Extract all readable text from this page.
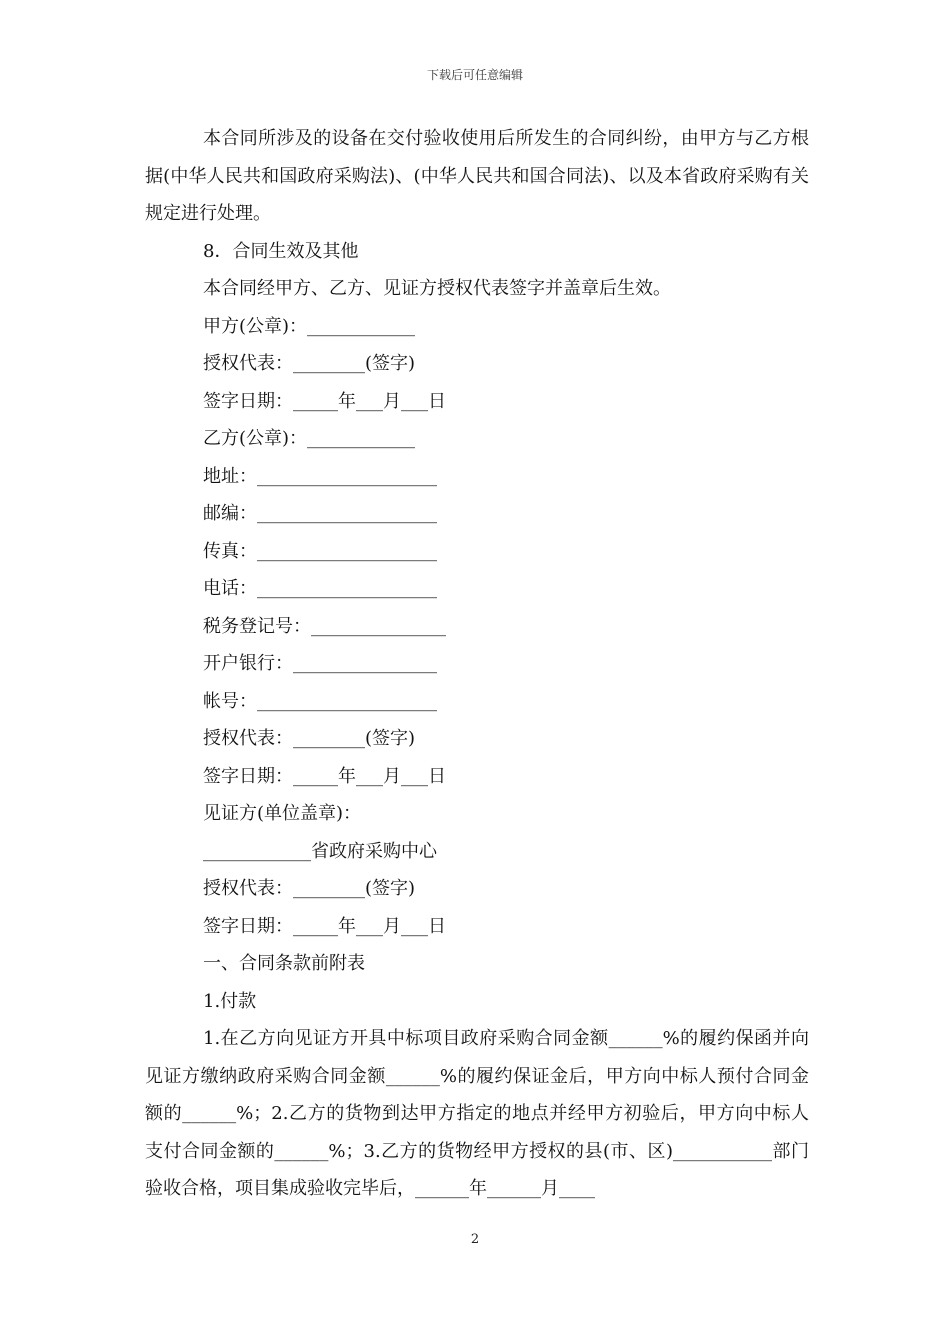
下载后可任意编辑

本合同所涉及的设备在交付验收使用后所发生的合同纠纷，由甲方与乙方根据(中华人民共和国政府采购法)、(中华人民共和国合同法)、以及本省政府采购有关规定进行处理。

8．合同生效及其他

本合同经甲方、乙方、见证方授权代表签字并盖章后生效。

甲方(公章)：____________

授权代表：________(签字)

签字日期：_____年___月___日

乙方(公章)：____________

地址：____________________

邮编：____________________

传真：____________________

电话：____________________

税务登记号：_______________

开户银行：________________

帐号：____________________

授权代表：________(签字)

签字日期：_____年___月___日

见证方(单位盖章)：

____________省政府采购中心

授权代表：________(签字)

签字日期：_____年___月___日

一、合同条款前附表

1.付款

1.在乙方向见证方开具中标项目政府采购合同金额______%的履约保函并向见证方缴纳政府采购合同金额______%的履约保证金后，甲方向中标人预付合同金额的______%；2.乙方的货物到达甲方指定的地点并经甲方初验后，甲方向中标人支付合同金额的______%；3.乙方的货物经甲方授权的县(市、区)___________部门验收合格，项目集成验收完毕后，______年______月____

2
